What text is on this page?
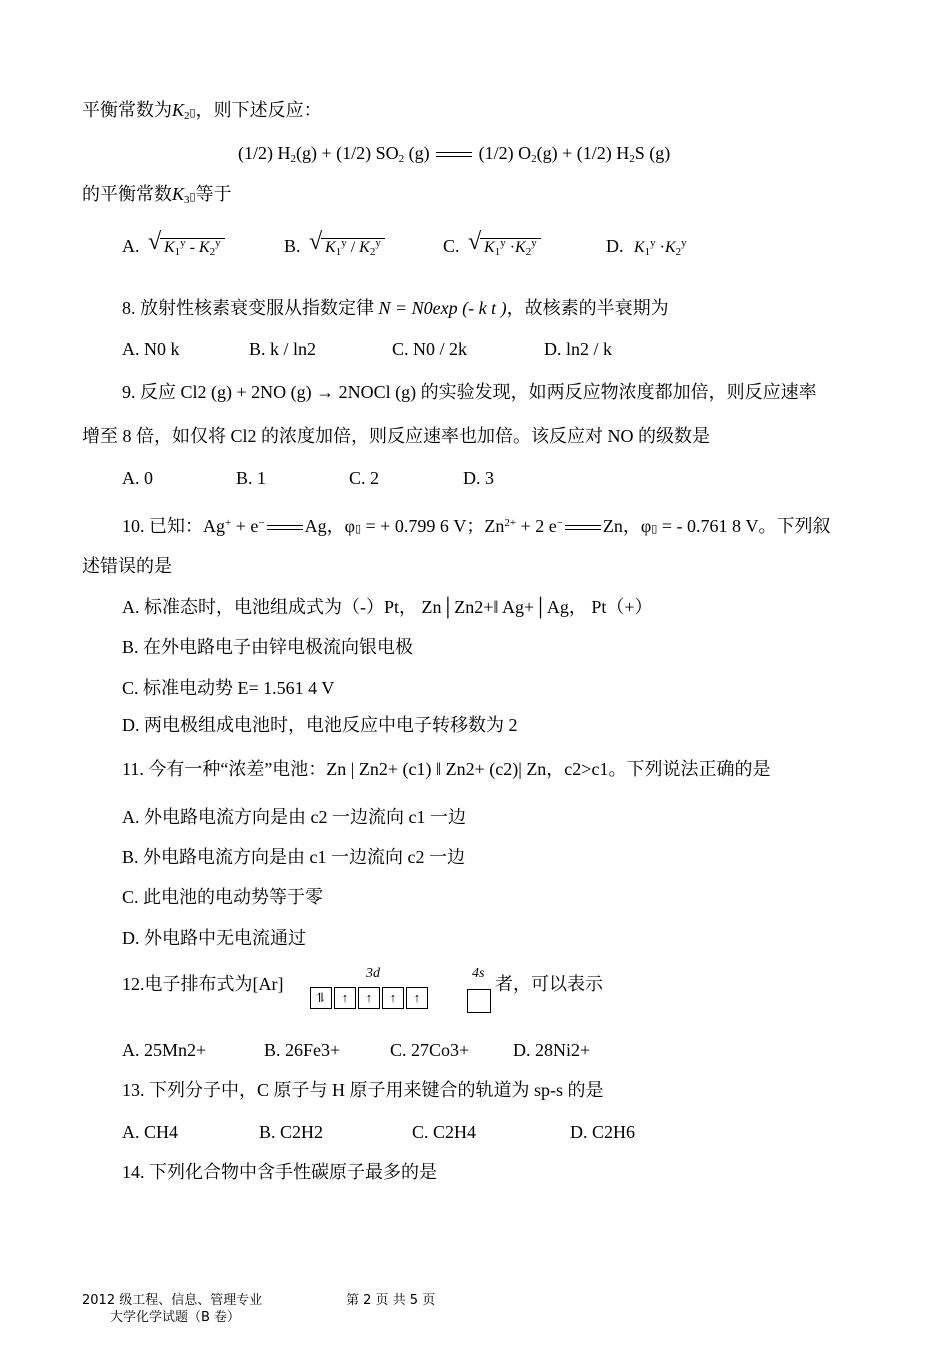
平衡常数为$K_2▯$，则下述反应：
(1/2) $H_2(g) + (1/2)$ $SO_2$ (g)	(1/2) $O_2(g) + (1/2)$ $H_2S$ (g)
的平衡常数$K_3▯$等于
A. √ $K_1^y - K_2^y$	B. √ $K_1^y / K_2^y$	C. √ $K_1^y \cdot K_2^y$	D. $K_1^y \cdot K_2^y$
8. 放射性核素衰变服从指数定律 N = N0exp (- k t )，故核素的半衰期为
A. N0 k	B. k / ln2	C. N0 / 2k	D. ln2 / k
9. 反应 Cl2 (g) + 2NO (g) → 2NOCl (g) 的实验发现，如两反应物浓度都加倍，则反应速率
增至 8 倍，如仅将 Cl2 的浓度加倍，则反应速率也加倍。该反应对 NO 的级数是
A. 0	B. 1	C. 2	D. 3
10. 已知：Ag+ + e− Ag，φ▯ = + 0.799 6 V；$Zn^{2+} + 2$ e− Zn，φ▯ = - 0.761 8 V。下列叙
述错误的是
A. 标准态时，电池组成式为（-）Pt， Zn│Zn2+‖ Ag+│Ag， Pt（+）
B. 在外电路电子由锌电极流向银电极
C. 标准电动势 E= 1.561 4 V
D. 两电极组成电池时，电池反应中电子转移数为 2
11. 今有一种“浓差”电池：Zn | Zn2+ (c1) ‖ Zn2+ (c2)| Zn，c2>c1。下列说法正确的是
A. 外电路电流方向是由 c2 一边流向 c1 一边
B. 外电路电流方向是由 c1 一边流向 c2 一边
C. 此电池的电动势等于零
D. 外电路中无电流通过
12.电子排布式为[Ar]
3d	4s
⥮	↑	↑	↑	↑
者，可以表示
A. 25Mn2+	B. 26Fe3+	C. 27Co3+ D. 28Ni2+
13. 下列分子中，C 原子与 H 原子用来键合的轨道为 sp-s 的是
A. CH4	B. C2H2	C. C2H4	D. C2H6
14. 下列化合物中含手性碳原子最多的是
2012 级工程、信息、管理专业
大学化学试题（B 卷）
第 2 页 共 5 页
